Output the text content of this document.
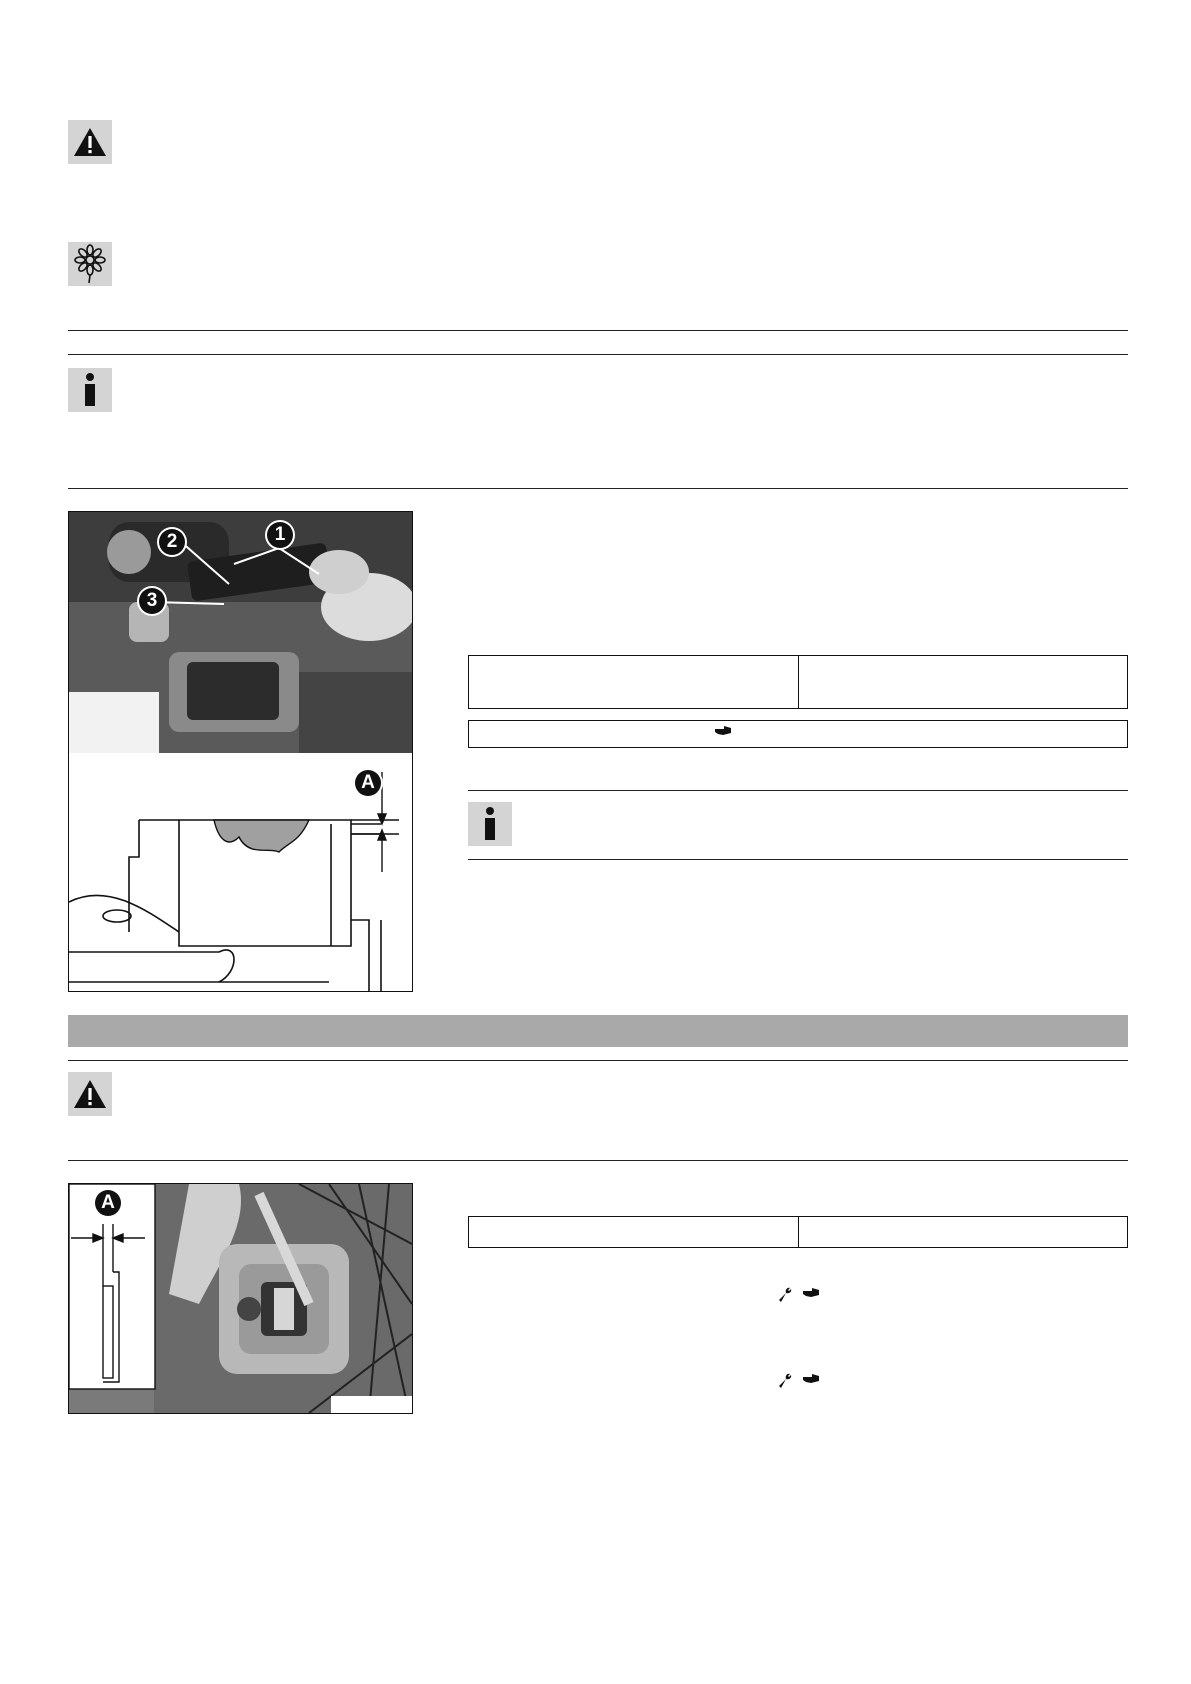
1
2
3
A
A
